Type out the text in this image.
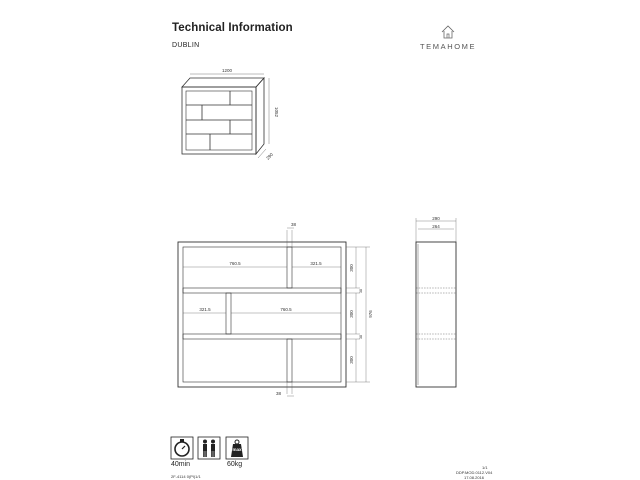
Technical Information
DUBLIN	TEMAHOME
1200
1052
290
38
38
760.5	321.5
321.5	760.5
300
300
300
38
38
976
290
264
max
40min	60kg
2F-4114 0(Pl)1/1
1/1
DDP.MOD.0112.V04
17.08.2016
